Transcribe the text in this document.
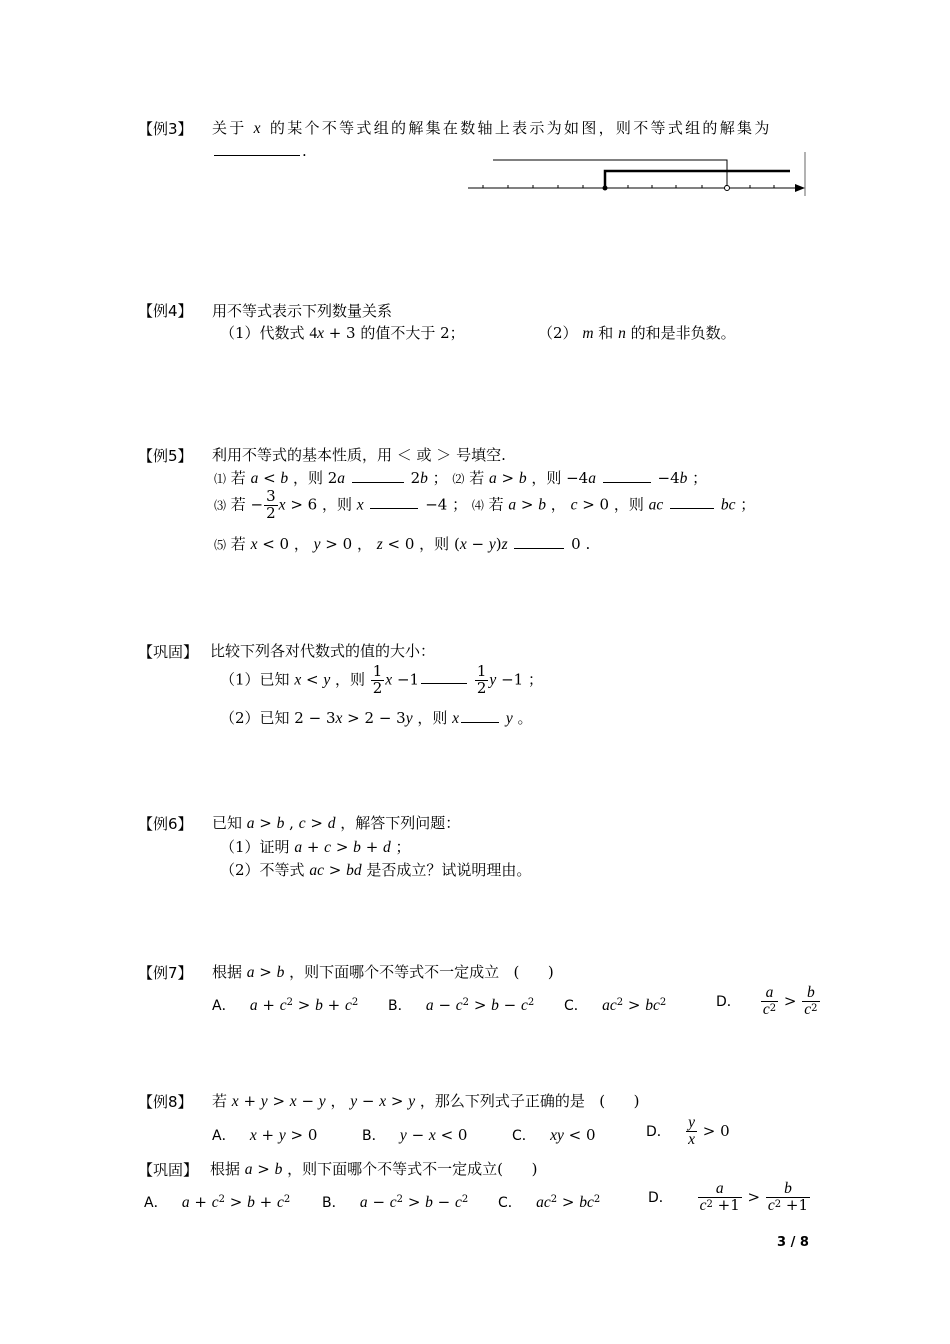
【例3】 关于 x 的某个不等式组的解集在数轴上表示为如图，则不等式组的解集为
.
【例4】 用不等式表示下列数量关系
（1）代数式 4x + 3 的值不大于 2；	（2） m 和 n 的和是非负数。
【例5】 利用不等式的基本性质，用 ＜ 或 ＞ 号填空.
⑴ 若 a < b ，则 2a	2b ； ⑵ 若 a > b ，则 −4a	−4b ；
⑶ 若 − $\frac{3}{2}$ x > 6 ，则 x	−4 ； ⑷ 若 a > b ， c > 0 ，则 ac	bc ；
⑸ 若 x < 0 ， y > 0 ， z < 0 ，则 (x − y)z	0 .
【巩固】 比较下列各对代数式的值的大小：
（1）已知 x < y ，则 $\frac{1}{2}$ x −1	$\frac{1}{2}$ y −1 ；
（2）已知 2 − 3x > 2 − 3y ，则 x	y 。
【例6】 已知 a > b , c > d ，解答下列问题：
（1）证明 a + c > b + d ；
（2）不等式 ac > bd 是否成立？试说明理由。
【例7】 根据 a > b ，则下面哪个不等式不一定成立   (      )
A． $a + c^2 > b + c^2$ B． $a - c^2 > b - c^2$ C． $ac^2 > bc^2$	D． $\frac{a}{c^2} > \frac{b}{c^2}$
【例8】 若 x + y > x − y ， y − x > y ，那么下列式子正确的是   (      )
A． x + y > 0	B． y − x < 0	C． xy < 0	D． $\frac{y}{x} > 0$
【巩固】 根据 a > b ，则下面哪个不等式不一定成立(      )
A． $a + c^2 > b + c^2$ B． $a - c^2 > b - c^2$ C． $ac^2 > bc^2$	D． $\frac{a}{c^2 +1} > \frac{b}{c^2 +1}$
3 / 8
